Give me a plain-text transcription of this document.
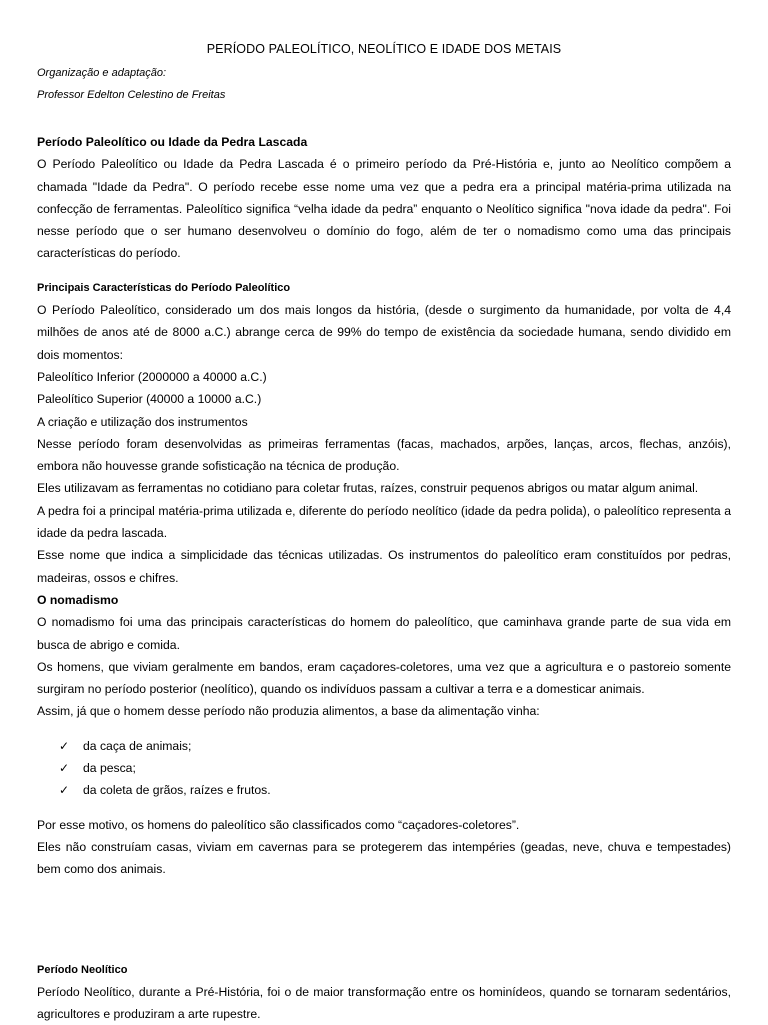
PERÍODO PALEOLÍTICO, NEOLÍTICO E IDADE DOS METAIS
Organização e adaptação:
Professor Edelton Celestino de Freitas

Período Paleolítico ou Idade da Pedra Lascada

O Período Paleolítico ou Idade da Pedra Lascada é o primeiro período da Pré-História e, junto ao Neolítico compõem a chamada "Idade da Pedra". O período recebe esse nome uma vez que a pedra era a principal matéria-prima utilizada na confecção de ferramentas. Paleolítico significa “velha idade da pedra” enquanto o Neolítico significa "nova idade da pedra". Foi nesse período que o ser humano desenvolveu o domínio do fogo, além de ter o nomadismo como uma das principais características do período.

Principais Características do Período Paleolítico

O Período Paleolítico, considerado um dos mais longos da história, (desde o surgimento da humanidade, por volta de 4,4 milhões de anos até de 8000 a.C.) abrange cerca de 99% do tempo de existência da sociedade humana, sendo dividido em dois momentos:

Paleolítico Inferior (2000000 a 40000 a.C.)

Paleolítico Superior (40000 a 10000 a.C.)

A criação e utilização dos instrumentos

Nesse período foram desenvolvidas as primeiras ferramentas (facas, machados, arpões, lanças, arcos, flechas, anzóis), embora não houvesse grande sofisticação na técnica de produção.

Eles utilizavam as ferramentas no cotidiano para coletar frutas, raízes, construir pequenos abrigos ou matar algum animal.

A pedra foi a principal matéria-prima utilizada e, diferente do período neolítico (idade da pedra polida), o paleolítico representa a idade da pedra lascada.

Esse nome que indica a simplicidade das técnicas utilizadas. Os instrumentos do paleolítico eram constituídos por pedras, madeiras, ossos e chifres.

O nomadismo

O nomadismo foi uma das principais características do homem do paleolítico, que caminhava grande parte de sua vida em busca de abrigo e comida.

Os homens, que viviam geralmente em bandos, eram caçadores-coletores, uma vez que a agricultura e o pastoreio somente surgiram no período posterior (neolítico), quando os indivíduos passam a cultivar a terra e a domesticar animais.

Assim, já que o homem desse período não produzia alimentos, a base da alimentação vinha:

✓ da caça de animais;
✓ da pesca;
✓ da coleta de grãos, raízes e frutos.

Por esse motivo, os homens do paleolítico são classificados como “caçadores-coletores”.

Eles não construíam casas, viviam em cavernas para se protegerem das intempéries (geadas, neve, chuva e tempestades) bem como dos animais.

Período Neolítico

Período Neolítico, durante a Pré-História, foi o de maior transformação entre os hominídeos, quando se tornaram sedentários, agricultores e produziram a arte rupestre.
